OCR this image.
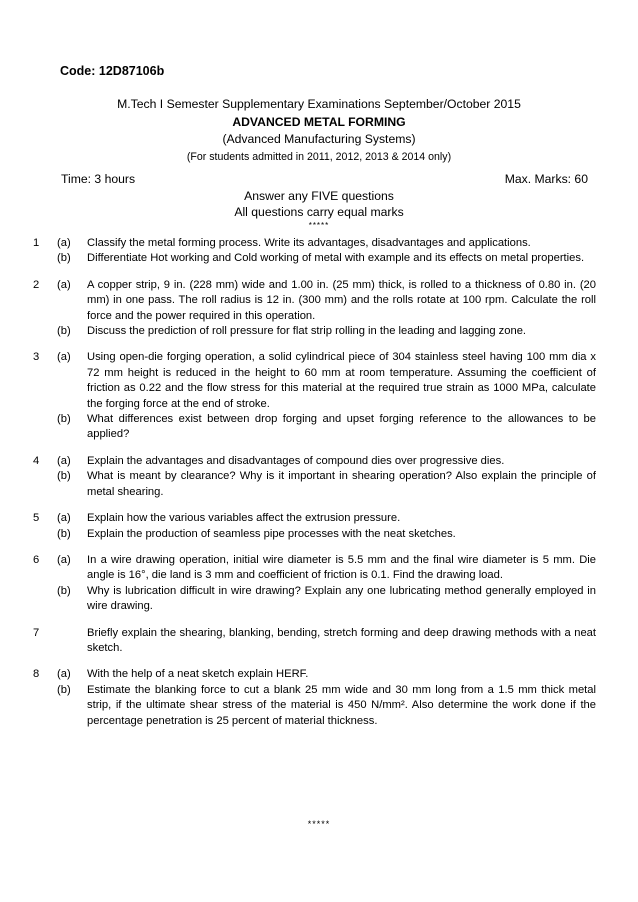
Code: 12D87106b
M.Tech I Semester Supplementary Examinations September/October 2015
ADVANCED METAL FORMING
(Advanced Manufacturing Systems)
(For students admitted in 2011, 2012, 2013 & 2014 only)
Time: 3 hours	Max. Marks: 60
Answer any FIVE questions
All questions carry equal marks
*****
1	(a)	Classify the metal forming process. Write its advantages, disadvantages and applications.
(b)	Differentiate Hot working and Cold working of metal with example and its effects on metal properties.
2	(a)	A copper strip, 9 in. (228 mm) wide and 1.00 in. (25 mm) thick, is rolled to a thickness of 0.80 in. (20 mm) in one pass. The roll radius is 12 in. (300 mm) and the rolls rotate at 100 rpm. Calculate the roll force and the power required in this operation.
(b)	Discuss the prediction of roll pressure for flat strip rolling in the leading and lagging zone.
3	(a)	Using open-die forging operation, a solid cylindrical piece of 304 stainless steel having 100 mm dia x 72 mm height is reduced in the height to 60 mm at room temperature. Assuming the coefficient of friction as 0.22 and the flow stress for this material at the required true strain as 1000 MPa, calculate the forging force at the end of stroke.
(b)	What differences exist between drop forging and upset forging reference to the allowances to be applied?
4	(a)	Explain the advantages and disadvantages of compound dies over progressive dies.
(b)	What is meant by clearance? Why is it important in shearing operation? Also explain the principle of metal shearing.
5	(a)	Explain how the various variables affect the extrusion pressure.
(b)	Explain the production of seamless pipe processes with the neat sketches.
6	(a)	In a wire drawing operation, initial wire diameter is 5.5 mm and the final wire diameter is 5 mm. Die angle is 16°, die land is 3 mm and coefficient of friction is 0.1. Find the drawing load.
(b)	Why is lubrication difficult in wire drawing? Explain any one lubricating method generally employed in wire drawing.
7	Briefly explain the shearing, blanking, bending, stretch forming and deep drawing methods with a neat sketch.
8	(a)	With the help of a neat sketch explain HERF.
(b)	Estimate the blanking force to cut a blank 25 mm wide and 30 mm long from a 1.5 mm thick metal strip, if the ultimate shear stress of the material is 450 N/mm². Also determine the work done if the percentage penetration is 25 percent of material thickness.
*****
